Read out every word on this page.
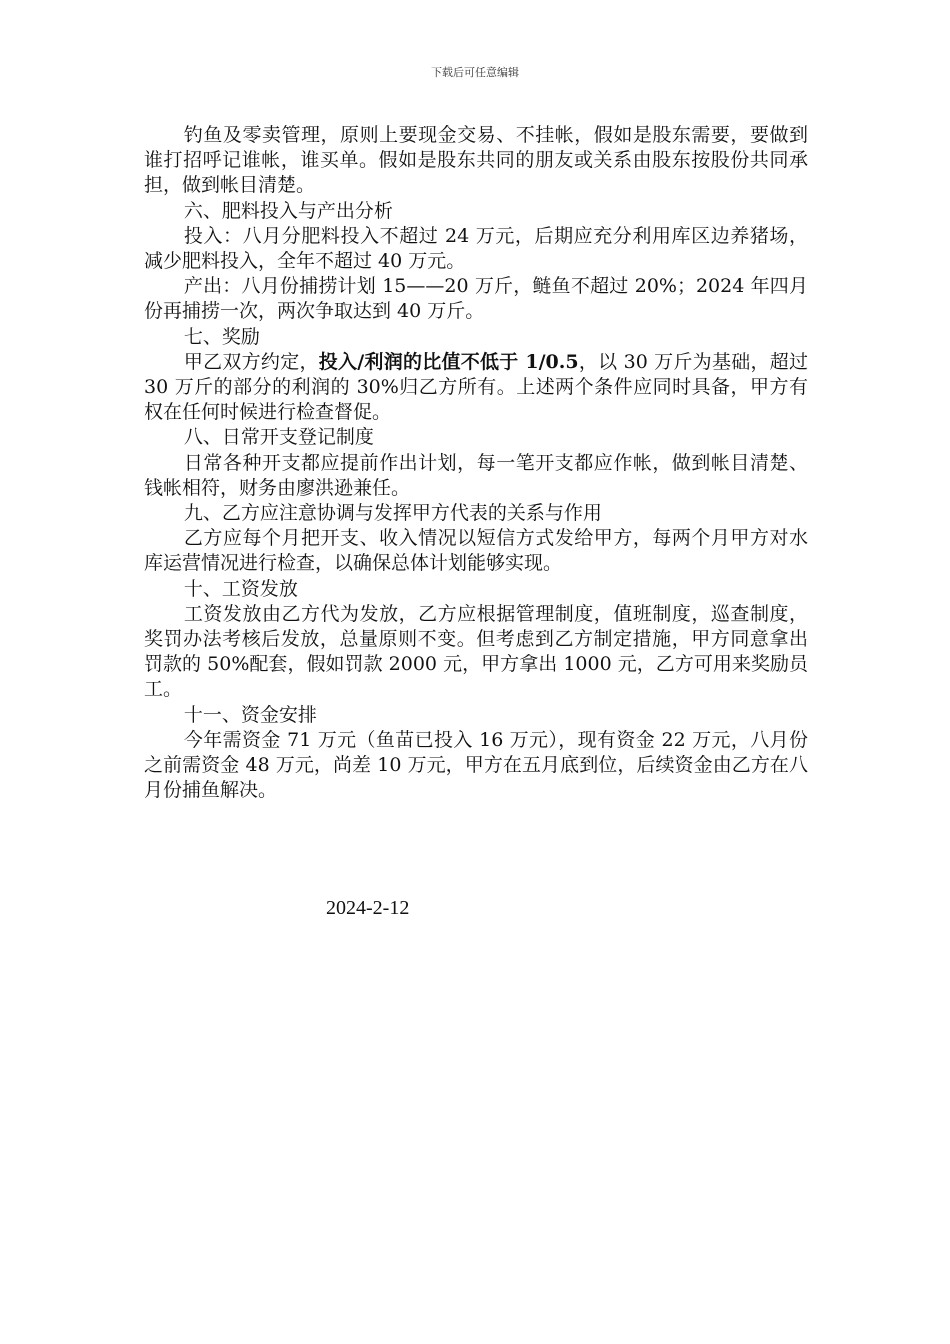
下载后可任意编辑

钓鱼及零卖管理，原则上要现金交易、不挂帐，假如是股东需要，要做到谁打招呼记谁帐，谁买单。假如是股东共同的朋友或关系由股东按股份共同承担，做到帐目清楚。

六、肥料投入与产出分析

投入：八月分肥料投入不超过 24 万元，后期应充分利用库区边养猪场，减少肥料投入，全年不超过 40 万元。

产出：八月份捕捞计划 15——20 万斤，鲢鱼不超过 20%；2024 年四月份再捕捞一次，两次争取达到 40 万斤。

七、奖励

甲乙双方约定，投入/利润的比值不低于 1/0.5，以 30 万斤为基础，超过 30 万斤的部分的利润的 30%归乙方所有。上述两个条件应同时具备，甲方有权在任何时候进行检查督促。

八、日常开支登记制度

日常各种开支都应提前作出计划，每一笔开支都应作帐，做到帐目清楚、钱帐相符，财务由廖洪逊兼任。

九、乙方应注意协调与发挥甲方代表的关系与作用

乙方应每个月把开支、收入情况以短信方式发给甲方，每两个月甲方对水库运营情况进行检查，以确保总体计划能够实现。

十、工资发放

工资发放由乙方代为发放，乙方应根据管理制度，值班制度，巡查制度，奖罚办法考核后发放，总量原则不变。但考虑到乙方制定措施，甲方同意拿出罚款的 50%配套，假如罚款 2000 元，甲方拿出 1000 元，乙方可用来奖励员工。

十一、资金安排

今年需资金 71 万元（鱼苗已投入 16 万元），现有资金 22 万元，八月份之前需资金 48 万元，尚差 10 万元，甲方在五月底到位，后续资金由乙方在八月份捕鱼解决。

2024-2-12
